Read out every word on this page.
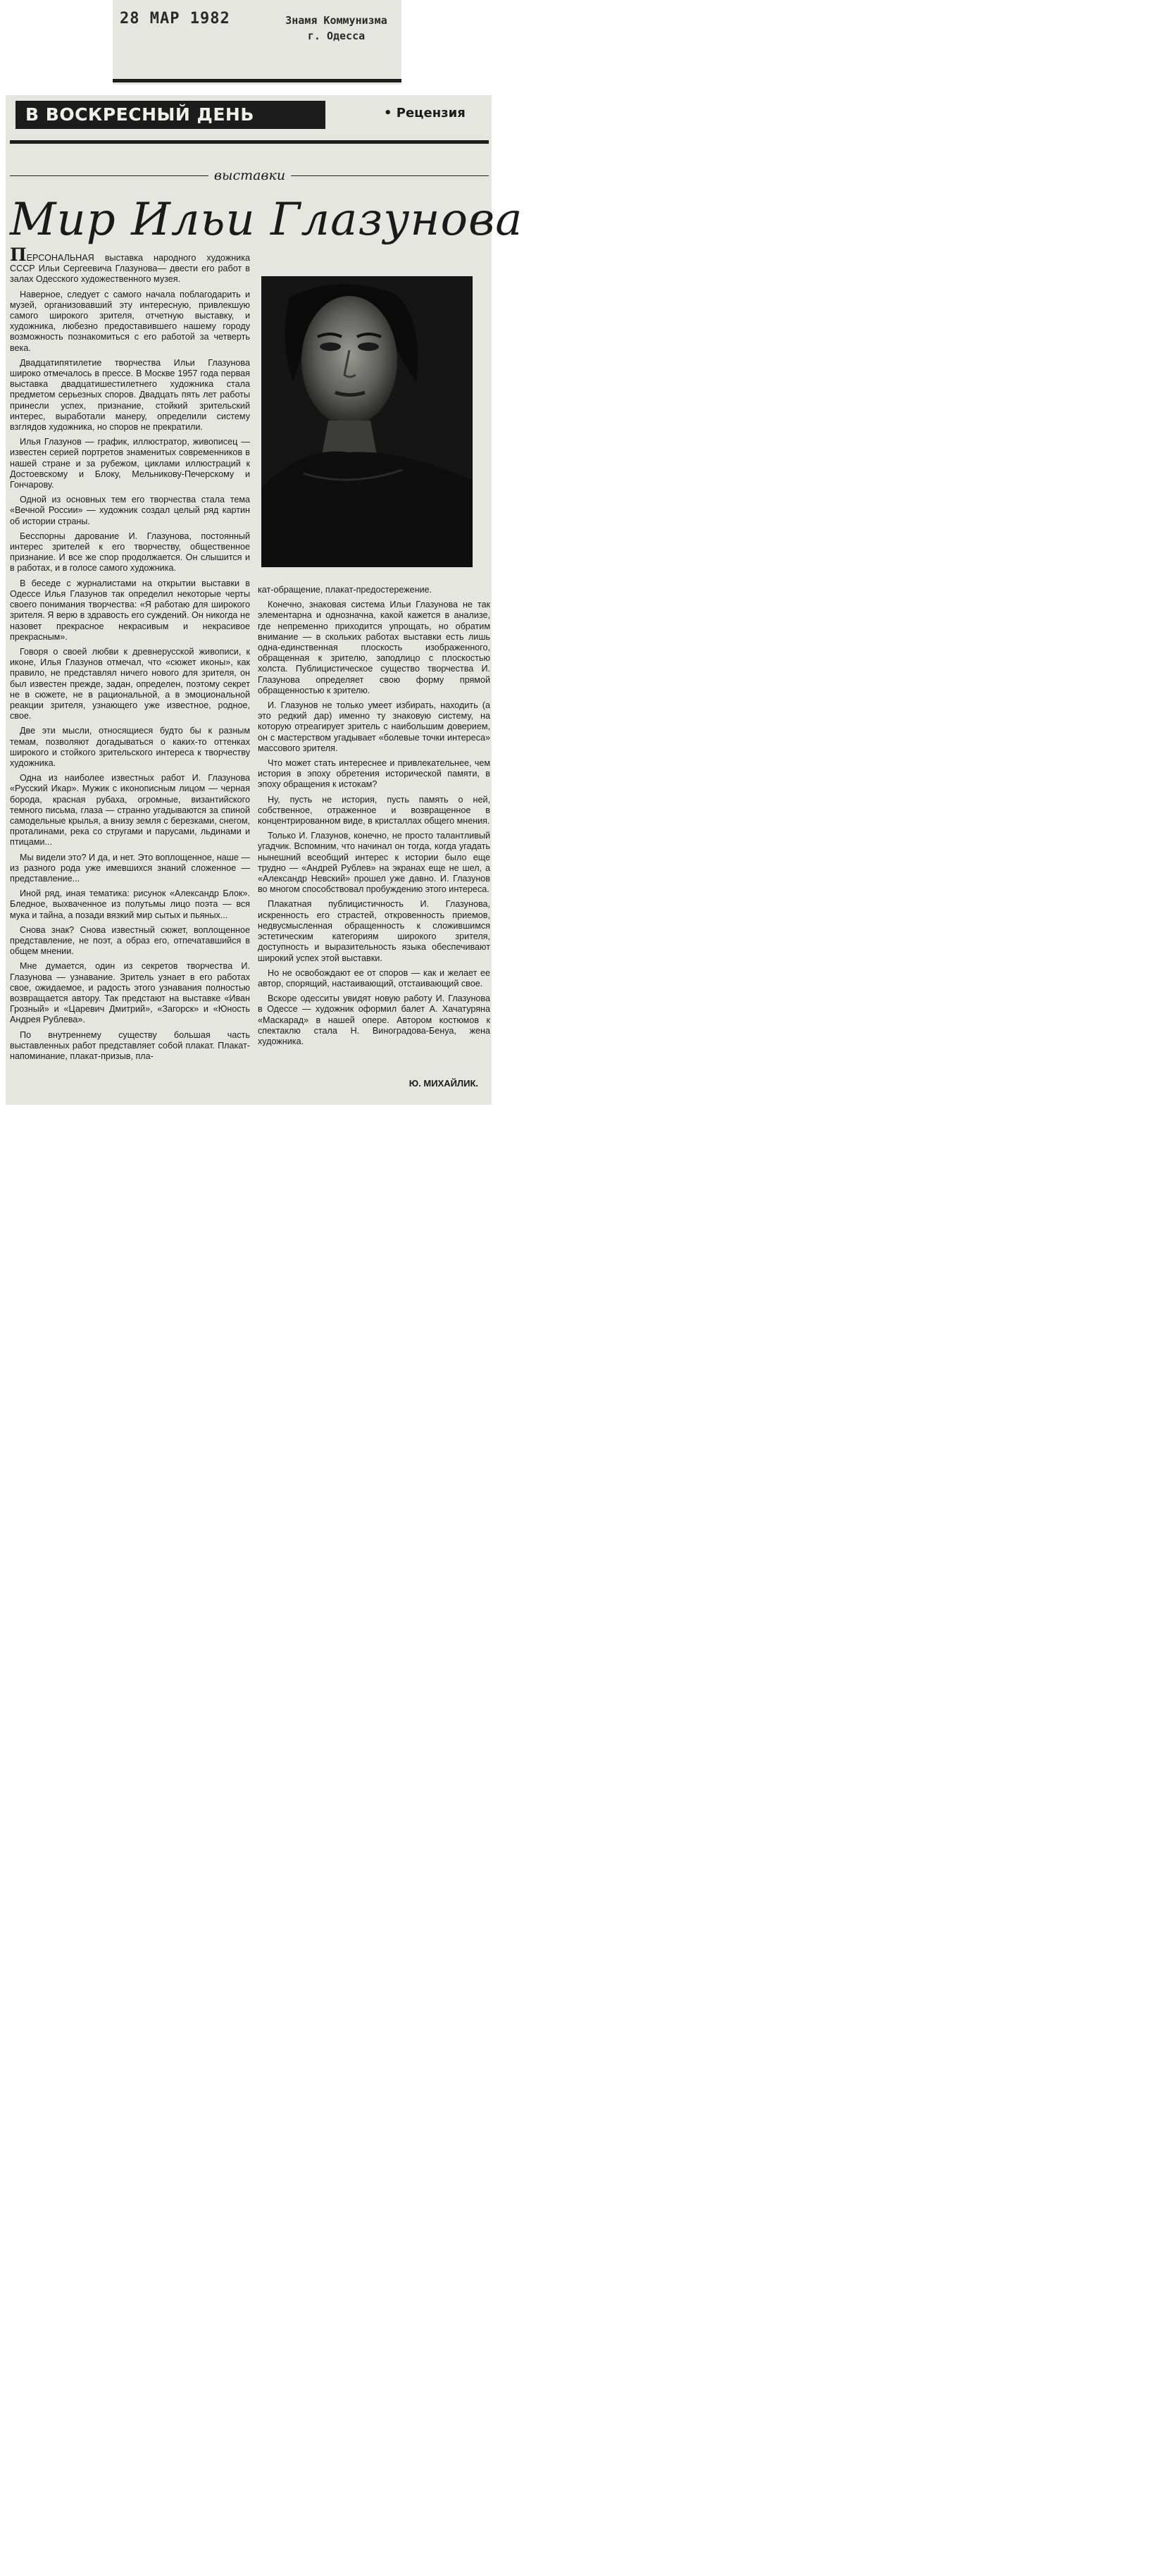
28 МАР 1982	Знамя Коммунизма
г. Одесса
В ВОСКРЕСНЫЙ ДЕНЬ	• Рецензия
выставки
Мир Ильи Глазунова

ПЕРСОНАЛЬНАЯ выставка народного художника СССР Ильи Сергеевича Глазунова— двести его работ в залах Одесского художественного музея.

Наверное, следует с самого начала поблагодарить и музей, организовавший эту интересную, привлекшую самого широкого зрителя, отчетную выставку, и художника, любезно предоставившего нашему городу возможность познакомиться с его работой за четверть века.

Двадцатипятилетие творчества Ильи Глазунова широко отмечалось в прессе. В Москве 1957 года первая выставка двадцатишестилетнего художника стала предметом серьезных споров. Двадцать пять лет работы принесли успех, признание, стойкий зрительский интерес, выработали манеру, определили систему взглядов художника, но споров не прекратили.

Илья Глазунов — график, иллюстратор, живописец — известен серией портретов знаменитых современников в нашей стране и за рубежом, циклами иллюстраций к Достоевскому и Блоку, Мельникову-Печерскому и Гончарову.

Одной из основных тем его творчества стала тема «Вечной России» — художник создал целый ряд картин об истории страны.

Бесспорны дарование И. Глазунова, постоянный интерес зрителей к его творчеству, общественное признание. И все же спор продолжается. Он слышится и в работах, и в голосе самого художника.

В беседе с журналистами на открытии выставки в Одессе Илья Глазунов так определил некоторые черты своего понимания творчества: «Я работаю для широкого зрителя. Я верю в здравость его суждений. Он никогда не назовет прекрасное некрасивым и некрасивое прекрасным».

Говоря о своей любви к древнерусской живописи, к иконе, Илья Глазунов отмечал, что «сюжет иконы», как правило, не представлял ничего нового для зрителя, он был известен прежде, задан, определен, поэтому секрет не в сюжете, не в рациональной, а в эмоциональной реакции зрителя, узнающего уже известное, родное, свое.

Две эти мысли, относящиеся будто бы к разным темам, позволяют догадываться о каких-то оттенках широкого и стойкого зрительского интереса к творчеству художника.

Одна из наиболее известных работ И. Глазунова «Русский Икар». Мужик с иконописным лицом — черная борода, красная рубаха, огромные, византийского темного письма, глаза — странно угадываются за спиной самодельные крылья, а внизу земля с березками, снегом, проталинами, река со стругами и парусами, льдинами и птицами...

Мы видели это? И да, и нет. Это воплощенное, наше — из разного рода уже имевшихся знаний сложенное — представление...

Иной ряд, иная тематика: рисунок «Александр Блок». Бледное, выхваченное из полутьмы лицо поэта — вся мука и тайна, а позади вязкий мир сытых и пьяных...

Снова знак? Снова известный сюжет, воплощенное представление, не поэт, а образ его, отпечатавшийся в общем мнении.

Мне думается, один из секретов творчества И. Глазунова — узнавание. Зритель узнает в его работах свое, ожидаемое, и радость этого узнавания полностью возвращается автору. Так предстают на выставке «Иван Грозный» и «Царевич Дмитрий», «Загорск» и «Юность Андрея Рублева».

По внутреннему существу большая часть выставленных работ представляет собой плакат. Плакат-напоминание, плакат-призыв, пла-

кат-обращение, плакат-предостережение.

Конечно, знаковая система Ильи Глазунова не так элементарна и однозначна, какой кажется в анализе, где непременно приходится упрощать, но обратим внимание — в скольких работах выставки есть лишь одна-единственная плоскость изображенного, обращенная к зрителю, заподлицо с плоскостью холста. Публицистическое существо творчества И. Глазунова определяет свою форму прямой обращенностью к зрителю.

И. Глазунов не только умеет избирать, находить (а это редкий дар) именно ту знаковую систему, на которую отреагирует зритель с наибольшим доверием, он с мастерством угадывает «болевые точки интереса» массового зрителя.

Что может стать интереснее и привлекательнее, чем история в эпоху обретения исторической памяти, в эпоху обращения к истокам?

Ну, пусть не история, пусть память о ней, собственное, отраженное и возвращенное в концентрированном виде, в кристаллах общего мнения.

Только И. Глазунов, конечно, не просто талантливый угадчик. Вспомним, что начинал он тогда, когда угадать нынешний всеобщий интерес к истории было еще трудно — «Андрей Рублев» на экранах еще не шел, а «Александр Невский» прошел уже давно. И. Глазунов во многом способствовал пробуждению этого интереса.

Плакатная публицистичность И. Глазунова, искренность его страстей, откровенность приемов, недвусмысленная обращенность к сложившимся эстетическим категориям широкого зрителя, доступность и выразительность языка обеспечивают широкий успех этой выставки.

Но не освобождают ее от споров — как и желает ее автор, спорящий, настаивающий, отстаивающий свое.

Вскоре одесситы увидят новую работу И. Глазунова в Одессе — художник оформил балет А. Хачатуряна «Маскарад» в нашей опере. Автором костюмов к спектаклю стала Н. Виноградова-Бенуа, жена художника.

Ю. МИХАЙЛИК.
